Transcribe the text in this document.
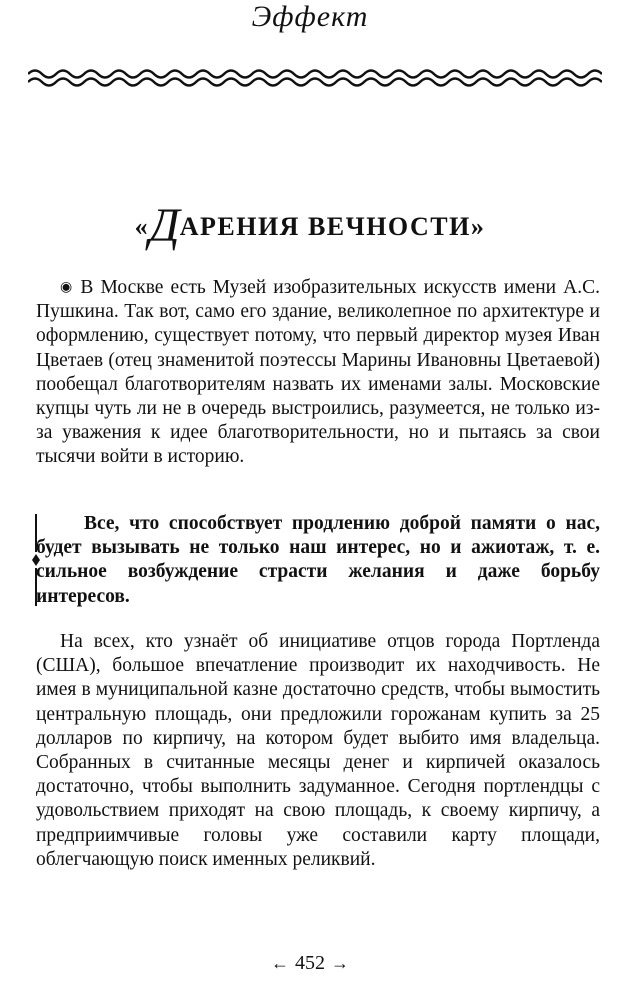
Эффект
«ДАРЕНИЯ ВЕЧНОСТИ»

◉ В Москве есть Музей изобразительных искусств имени А.С. Пушкина. Так вот, само его здание, великолепное по архитектуре и оформлению, существует потому, что первый директор музея Иван Цветаев (отец знаменитой поэтессы Марины Ивановны Цветаевой) пообещал благотворителям назвать их именами залы. Московские купцы чуть ли не в очередь выстроились, разумеется, не только из-за уважения к идее благотворительности, но и пытаясь за свои тысячи войти в историю.

Все, что способствует продлению доброй памяти о нас, будет вызывать не только наш интерес, но и ажиотаж, т. е. сильное возбуждение страсти желания и даже борьбу интересов.

На всех, кто узнаёт об инициативе отцов города Портленда (США), большое впечатление производит их находчивость. Не имея в муниципальной казне достаточно средств, чтобы вымостить центральную площадь, они предложили горожанам купить за 25 долларов по кирпичу, на котором будет выбито имя владельца. Собранных в считанные месяцы денег и кирпичей оказалось достаточно, чтобы выполнить задуманное. Сегодня портлендцы с удовольствием приходят на свою площадь, к своему кирпичу, а предприимчивые головы уже составили карту площади, облегчающую поиск именных реликвий.

← 452 →
